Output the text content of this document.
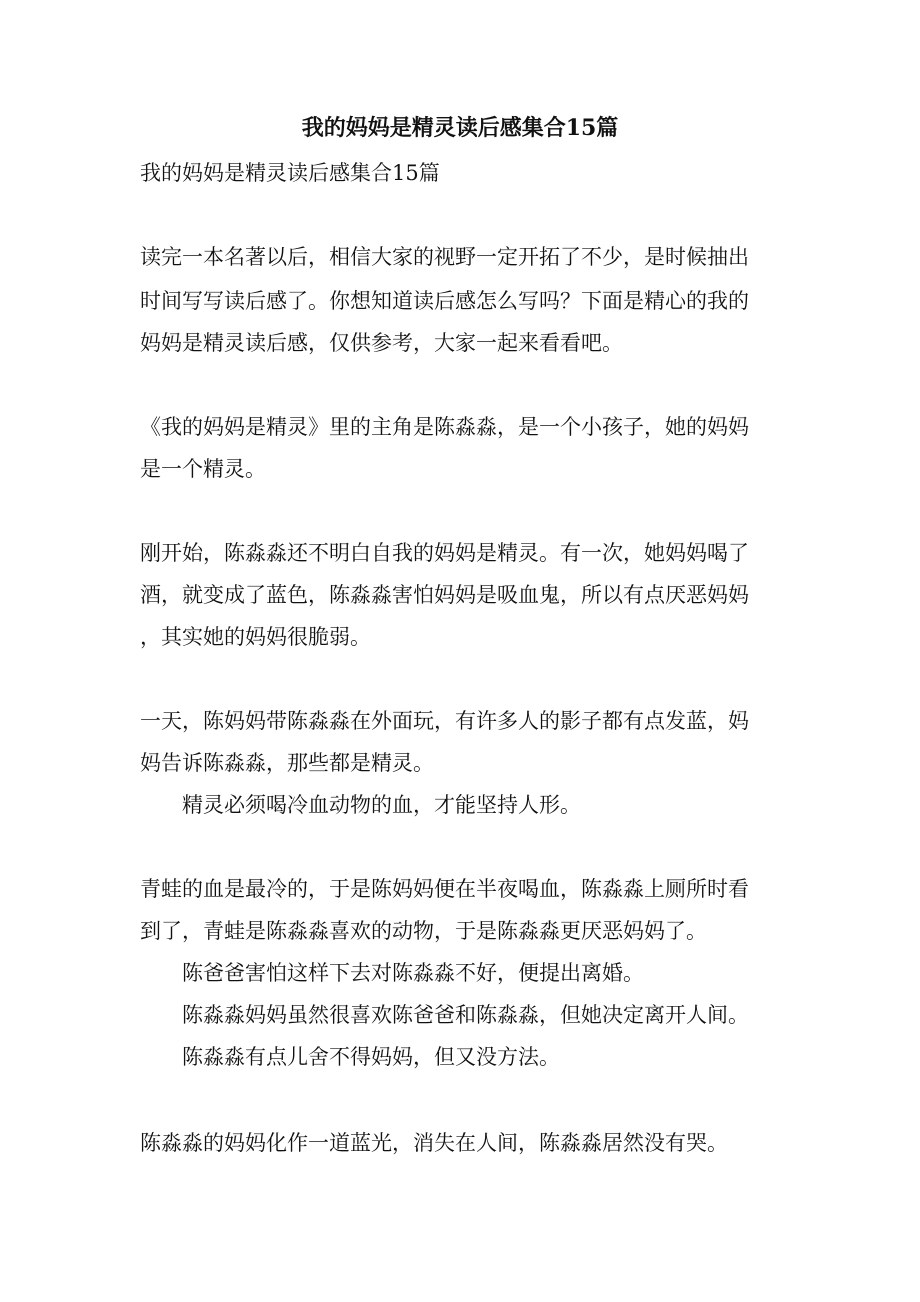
我的妈妈是精灵读后感集合15篇
我的妈妈是精灵读后感集合15篇
读完一本名著以后，相信大家的视野一定开拓了不少，是时候抽出
时间写写读后感了。你想知道读后感怎么写吗？下面是精心的我的
妈妈是精灵读后感，仅供参考，大家一起来看看吧。
《我的妈妈是精灵》里的主角是陈淼淼，是一个小孩子，她的妈妈
是一个精灵。
刚开始，陈淼淼还不明白自我的妈妈是精灵。有一次，她妈妈喝了
酒，就变成了蓝色，陈淼淼害怕妈妈是吸血鬼，所以有点厌恶妈妈
，其实她的妈妈很脆弱。
一天，陈妈妈带陈淼淼在外面玩，有许多人的影子都有点发蓝，妈
妈告诉陈淼淼，那些都是精灵。
精灵必须喝冷血动物的血，才能坚持人形。
青蛙的血是最冷的，于是陈妈妈便在半夜喝血，陈淼淼上厕所时看
到了，青蛙是陈淼淼喜欢的动物，于是陈淼淼更厌恶妈妈了。
陈爸爸害怕这样下去对陈淼淼不好，便提出离婚。
陈淼淼妈妈虽然很喜欢陈爸爸和陈淼淼，但她决定离开人间。
陈淼淼有点儿舍不得妈妈，但又没方法。
陈淼淼的妈妈化作一道蓝光，消失在人间，陈淼淼居然没有哭。
